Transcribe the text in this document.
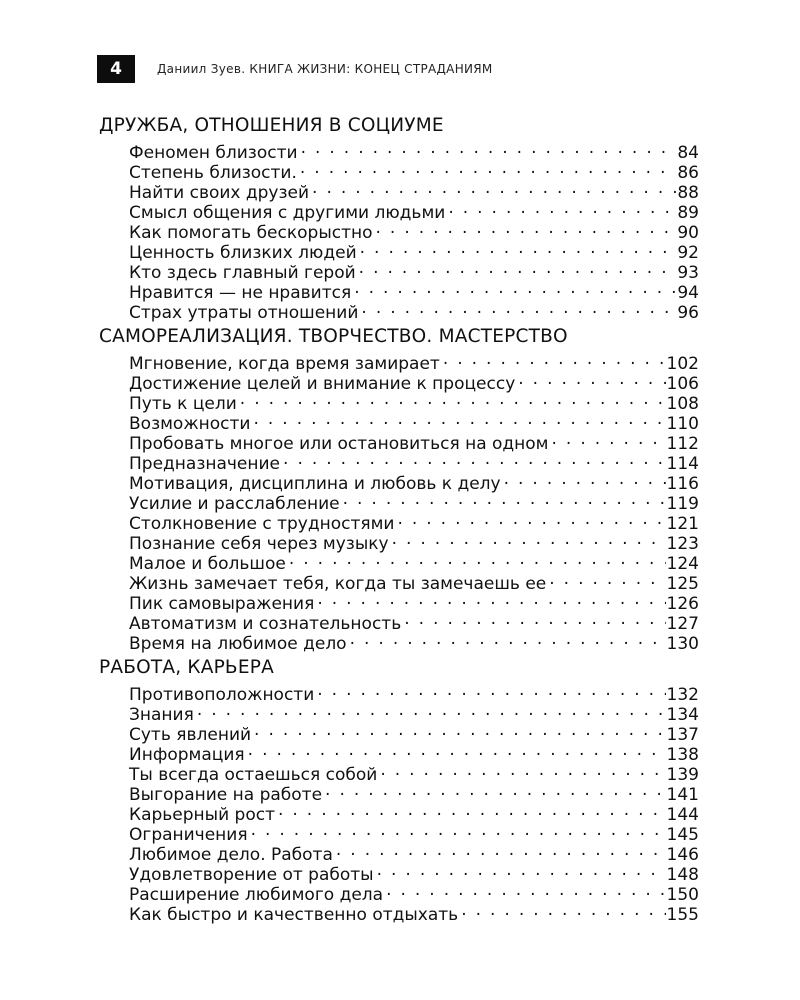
4	Даниил Зуев. КНИГА ЖИЗНИ: КОНЕЦ СТРАДАНИЯМ
ДРУЖБА, ОТНОШЕНИЯ В СОЦИУМЕ
Феномен близости . . .	84
Степень близости. . . .	86
Найти своих друзей . . .	88
Смысл общения с другими людьми . . .	89
Как помогать бескорыстно . . .	90
Ценность близких людей . . .	92
Кто здесь главный герой . . .	93
Нравится — не нравится . . .	94
Страх утраты отношений . . .	96
САМОРЕАЛИЗАЦИЯ. ТВОРЧЕСТВО. МАСТЕРСТВО
Мгновение, когда время замирает . . .	102
Достижение целей и внимание к процессу . . .	106
Путь к цели . . .	108
Возможности . . .	110
Пробовать многое или остановиться на одном . . .	112
Предназначение . . .	114
Мотивация, дисциплина и любовь к делу . . .	116
Усилие и расслабление . . .	119
Столкновение с трудностями . . .	121
Познание себя через музыку . . .	123
Малое и большое . . .	124
Жизнь замечает тебя, когда ты замечаешь ее . . .	125
Пик самовыражения . . .	126
Автоматизм и сознательность . . .	127
Время на любимое дело . . .	130
РАБОТА, КАРЬЕРА
Противоположности . . .	132
Знания . . .	134
Суть явлений . . .	137
Информация . . .	138
Ты всегда остаешься собой . . .	139
Выгорание на работе . . .	141
Карьерный рост . . .	144
Ограничения . . .	145
Любимое дело. Работа . . .	146
Удовлетворение от работы . . .	148
Расширение любимого дела . . .	150
Как быстро и качественно отдыхать . . .	155
